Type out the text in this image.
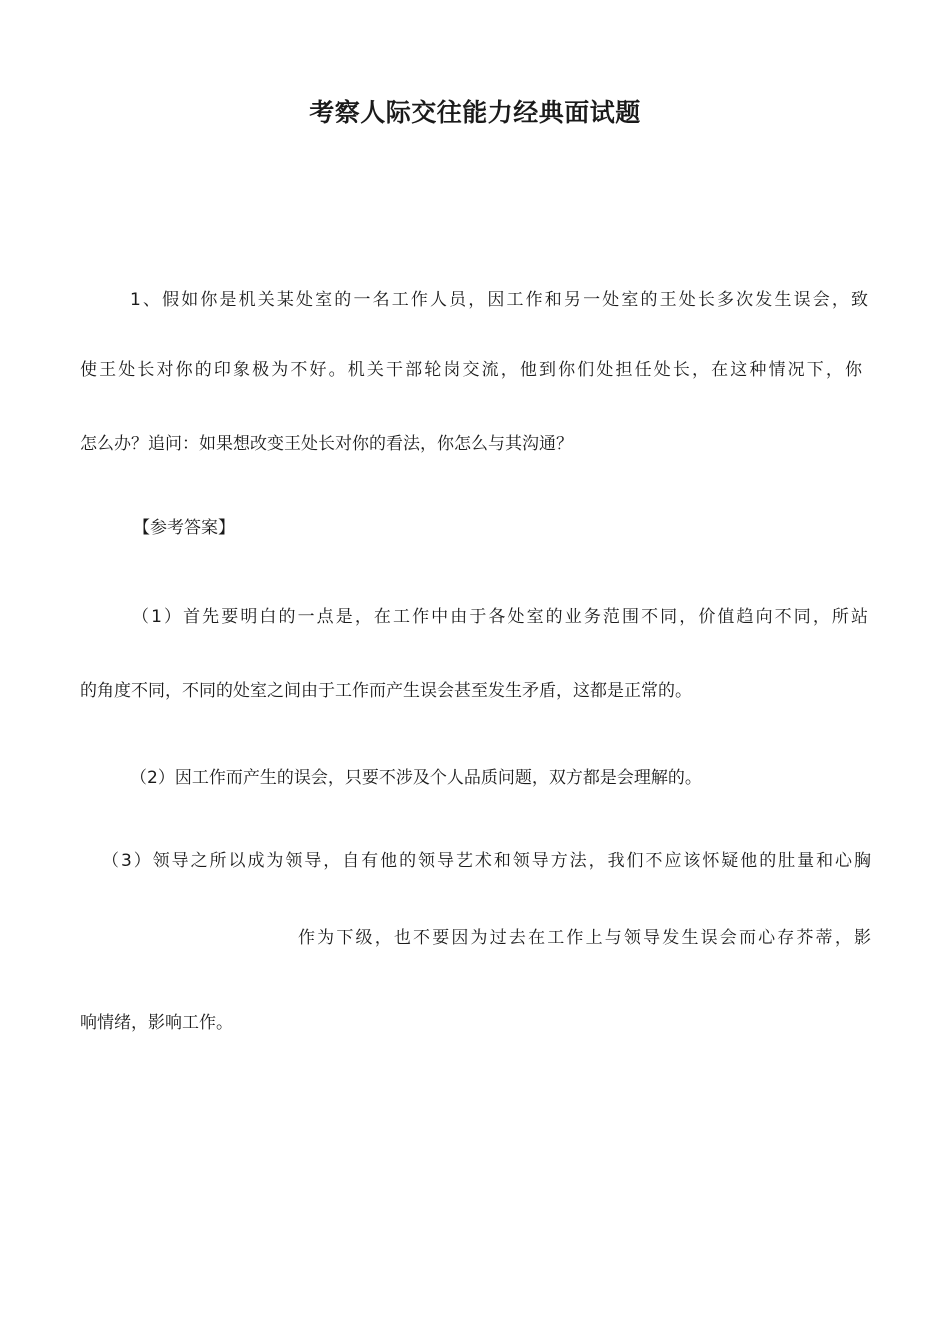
考察人际交往能力经典面试题

1、假如你是机关某处室的一名工作人员，因工作和另一处室的王处长多次发生误会，致

使王处长对你的印象极为不好。机关干部轮岗交流，他到你们处担任处长，在这种情况下，你

怎么办？追问：如果想改变王处长对你的看法，你怎么与其沟通？

【参考答案】

（1）首先要明白的一点是，在工作中由于各处室的业务范围不同，价值趋向不同，所站

的角度不同，不同的处室之间由于工作而产生误会甚至发生矛盾，这都是正常的。

（2）因工作而产生的误会，只要不涉及个人品质问题，双方都是会理解的。

（3）领导之所以成为领导，自有他的领导艺术和领导方法，我们不应该怀疑他的肚量和心胸

作为下级，也不要因为过去在工作上与领导发生误会而心存芥蒂，影

响情绪，影响工作。
